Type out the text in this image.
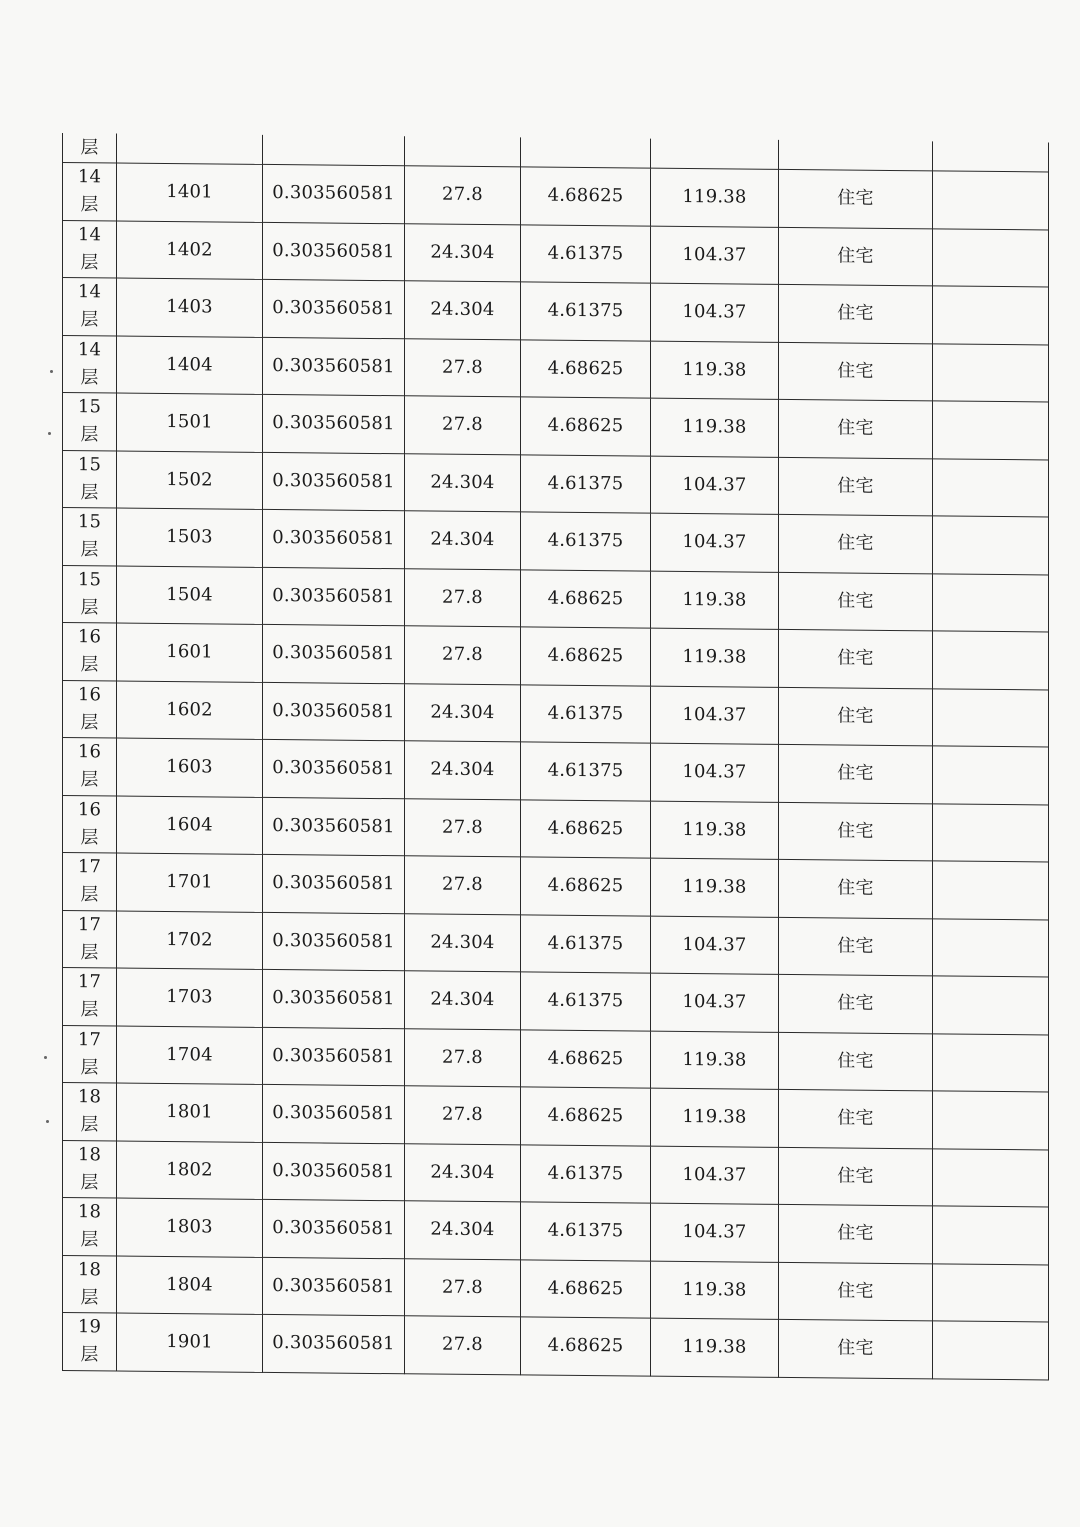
层							

14
层	1401	0.303560581	27.8	4.68625	119.38	住宅	

14
层	1402	0.303560581	24.304	4.61375	104.37	住宅	

14
层	1403	0.303560581	24.304	4.61375	104.37	住宅	

14
层	1404	0.303560581	27.8	4.68625	119.38	住宅	

15
层	1501	0.303560581	27.8	4.68625	119.38	住宅	

15
层	1502	0.303560581	24.304	4.61375	104.37	住宅	

15
层	1503	0.303560581	24.304	4.61375	104.37	住宅	

15
层	1504	0.303560581	27.8	4.68625	119.38	住宅	

16
层	1601	0.303560581	27.8	4.68625	119.38	住宅	

16
层	1602	0.303560581	24.304	4.61375	104.37	住宅	

16
层	1603	0.303560581	24.304	4.61375	104.37	住宅	

16
层	1604	0.303560581	27.8	4.68625	119.38	住宅	

17
层	1701	0.303560581	27.8	4.68625	119.38	住宅	

17
层	1702	0.303560581	24.304	4.61375	104.37	住宅	

17
层	1703	0.303560581	24.304	4.61375	104.37	住宅	

17
层	1704	0.303560581	27.8	4.68625	119.38	住宅	

18
层	1801	0.303560581	27.8	4.68625	119.38	住宅	

18
层	1802	0.303560581	24.304	4.61375	104.37	住宅	

18
层	1803	0.303560581	24.304	4.61375	104.37	住宅	

18
层	1804	0.303560581	27.8	4.68625	119.38	住宅	

19
层	1901	0.303560581	27.8	4.68625	119.38	住宅	
